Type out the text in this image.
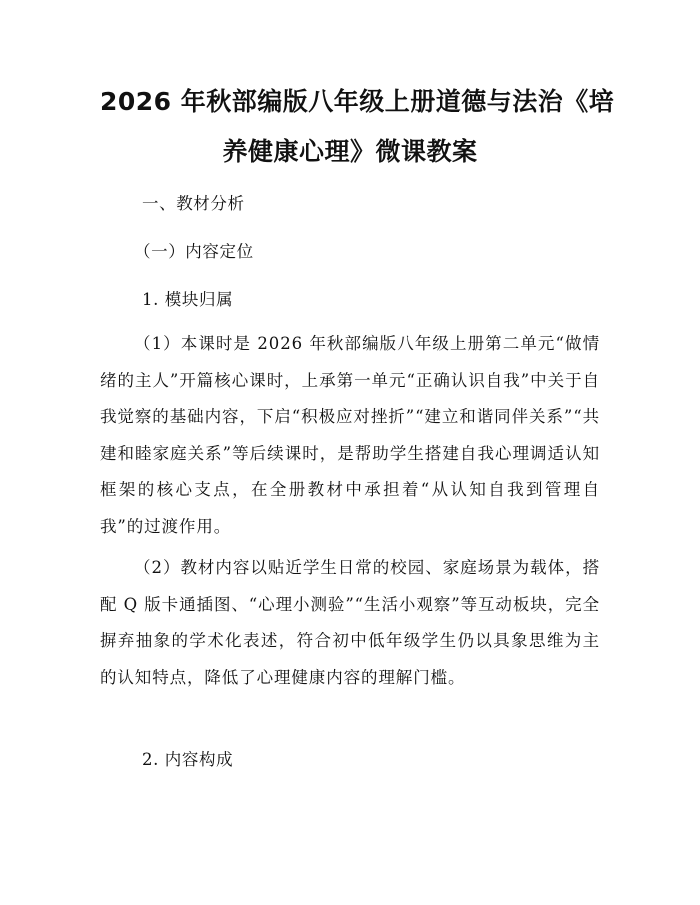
2026 年秋部编版八年级上册道德与法治《培
养健康心理》微课教案
一、教材分析
（一）内容定位
1. 模块归属
（1）本课时是 2026 年秋部编版八年级上册第二单元“做情绪的主人”开篇核心课时，上承第一单元“正确认识自我”中关于自我觉察的基础内容，下启“积极应对挫折”“建立和谐同伴关系”“共建和睦家庭关系”等后续课时，是帮助学生搭建自我心理调适认知框架的核心支点，在全册教材中承担着“从认知自我到管理自我”的过渡作用。
（2）教材内容以贴近学生日常的校园、家庭场景为载体，搭配 Q 版卡通插图、“心理小测验”“生活小观察”等互动板块，完全摒弃抽象的学术化表述，符合初中低年级学生仍以具象思维为主的认知特点，降低了心理健康内容的理解门槛。
2. 内容构成
